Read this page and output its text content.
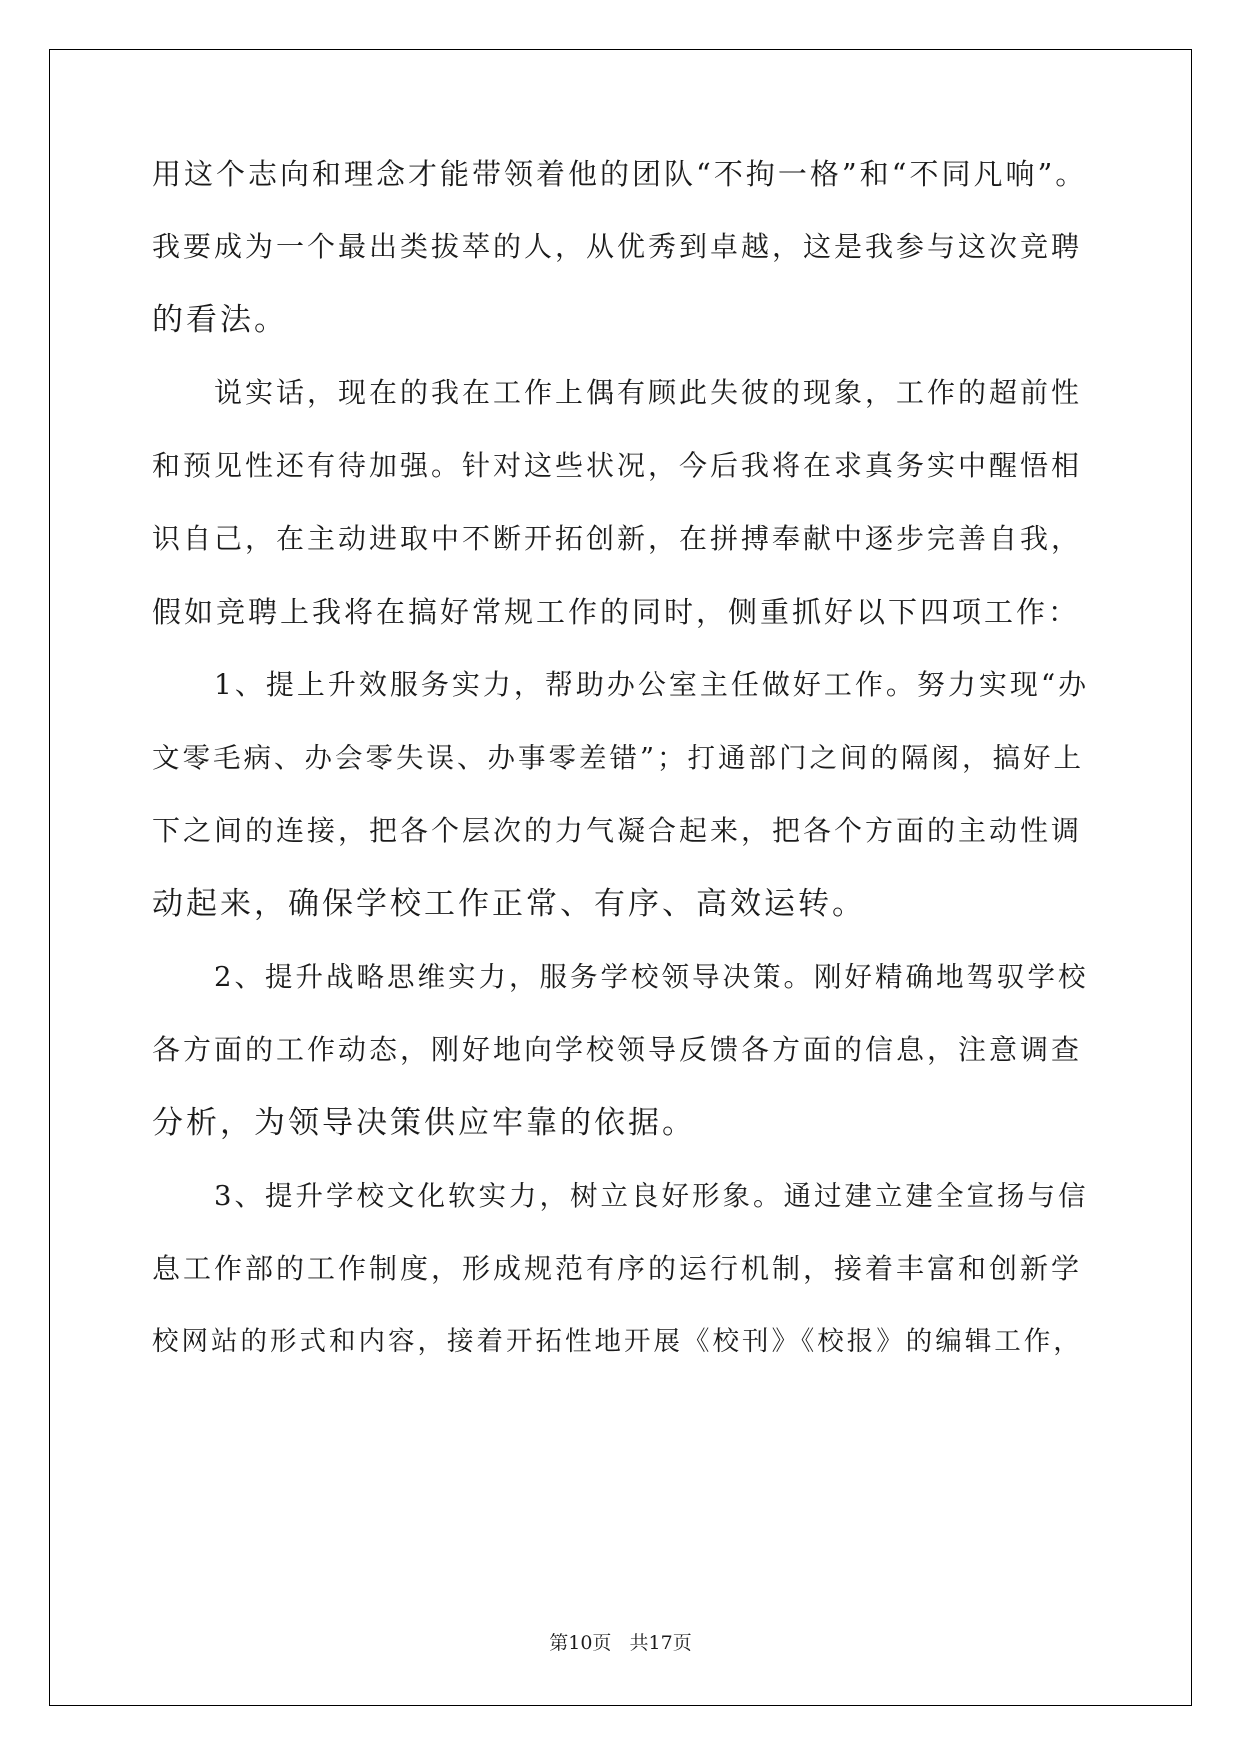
用这个志向和理念才能带领着他的团队“不拘一格”和“不同凡响”。
我要成为一个最出类拔萃的人，从优秀到卓越，这是我参与这次竞聘
的看法。
说实话，现在的我在工作上偶有顾此失彼的现象，工作的超前性
和预见性还有待加强。针对这些状况，今后我将在求真务实中醒悟相
识自己，在主动进取中不断开拓创新，在拼搏奉献中逐步完善自我，
假如竞聘上我将在搞好常规工作的同时，侧重抓好以下四项工作：
1、提上升效服务实力，帮助办公室主任做好工作。努力实现“办
文零毛病、办会零失误、办事零差错”；打通部门之间的隔阂，搞好上
下之间的连接，把各个层次的力气凝合起来，把各个方面的主动性调
动起来，确保学校工作正常、有序、高效运转。
2、提升战略思维实力，服务学校领导决策。刚好精确地驾驭学校
各方面的工作动态，刚好地向学校领导反馈各方面的信息，注意调查
分析，为领导决策供应牢靠的依据。
3、提升学校文化软实力，树立良好形象。通过建立建全宣扬与信
息工作部的工作制度，形成规范有序的运行机制，接着丰富和创新学
校网站的形式和内容，接着开拓性地开展《校刊》《校报》的编辑工作，
第10页   共17页
